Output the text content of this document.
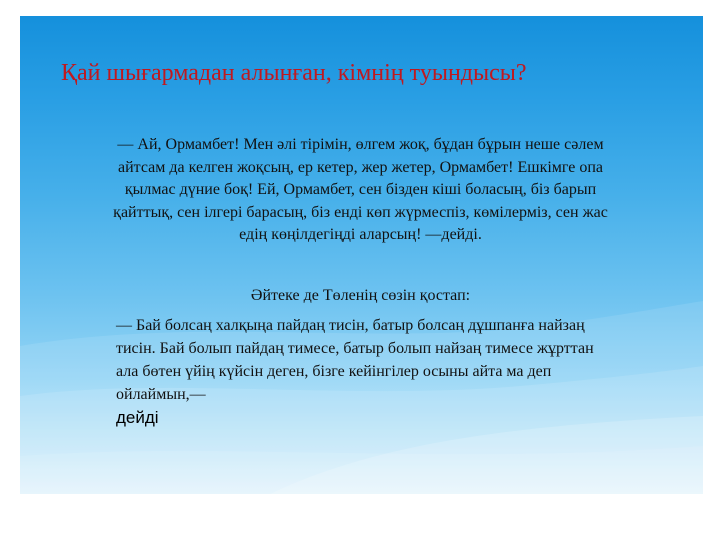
Қай шығармадан алынған, кімнің туындысы?

— Ай, Ормамбет! Мен әлі тірімін, өлгем жоқ, бұдан бұрын неше сәлем айтсам да келген жоқсың, ер кетер, жер жетер, Ормамбет! Ешкімге опа қылмас дүние боқ! Ей, Ормамбет, сен бізден кіші боласың, біз барып қайттық, сен ілгері барасың, біз енді көп жүрмеспіз, көмілерміз, сен жас едің көңілдегіңді аларсың! —дейді.

Әйтеке де Төленің сөзін қостап:

— Бай болсаң халқыңа пайдаң тисін, батыр болсаң дұшпанға найзаң тисін. Бай болып пайдаң тимесе, батыр болып найзаң тимесе жұрттан ала бөтен үйің күйсін деген, бізге кейінгілер осыны айта ма деп ойлаймын,—

дейді
